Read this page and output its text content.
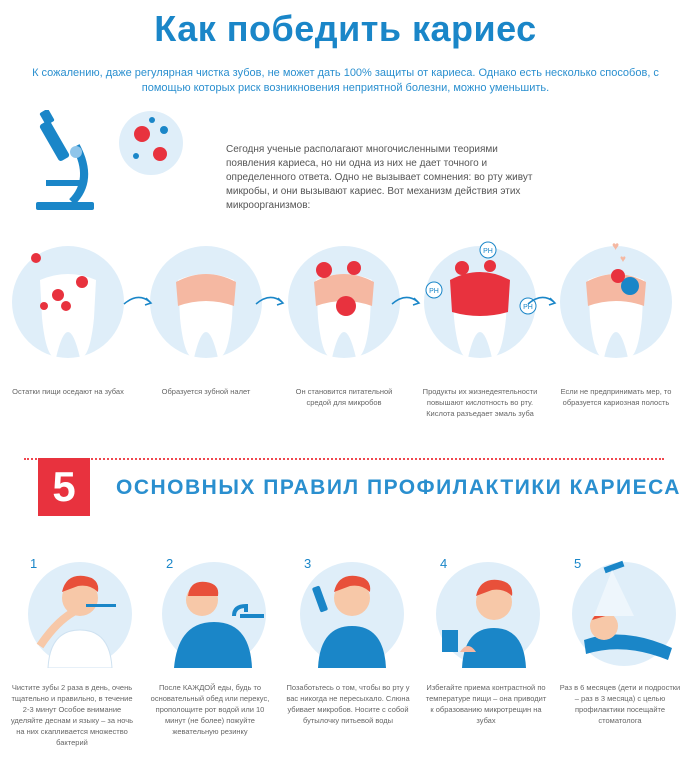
Как победить кариес
К сожалению, даже регулярная чистка зубов, не может дать 100% защиты от кариеса. Однако есть несколько способов, с помощью которых риск возникновения неприятной болезни, можно уменьшить.
Сегодня ученые располагают многочисленными теориями появления кариеса, но ни одна из них не дает точного и определенного ответа. Одно не вызывает сомнения: во рту живут микробы, и они вызывают кариес. Вот механизм действия этих микроорганизмов:
PH
PH
PH
♥
♥
Остатки пищи оседают на зубах	Образуется зубной налет	Он становится питательной средой для микробов
Продукты их жизнедеятельности повышают кислотность во рту. Кислота разъедает эмаль зуба
Если не предпринимать мер, то образуется кариозная полость
5	ОСНОВНЫХ ПРАВИЛ ПРОФИЛАКТИКИ КАРИЕСА
1	2	3	4	5
Чистите зубы 2 раза в день, очень тщательно и правильно, в течение 2-3 минут Особое внимание уделяйте деснам и языку – за ночь на них скапливается множество бактерий
После КАЖДОЙ еды, будь то основательный обед или перекус, прополощите рот водой или 10 минут (не более) пожуйте жевательную резинку
Позаботьтесь о том, чтобы во рту у вас никогда не пересыхало. Слюна убивает микробов. Носите с собой бутылочку питьевой воды
Избегайте приема контрастной по температуре пищи – она приводит к образованию микротрещин на зубах
Раз в 6 месяцев (дети и подростки – раз в 3 месяца) с целью профилактики посещайте стоматолога
